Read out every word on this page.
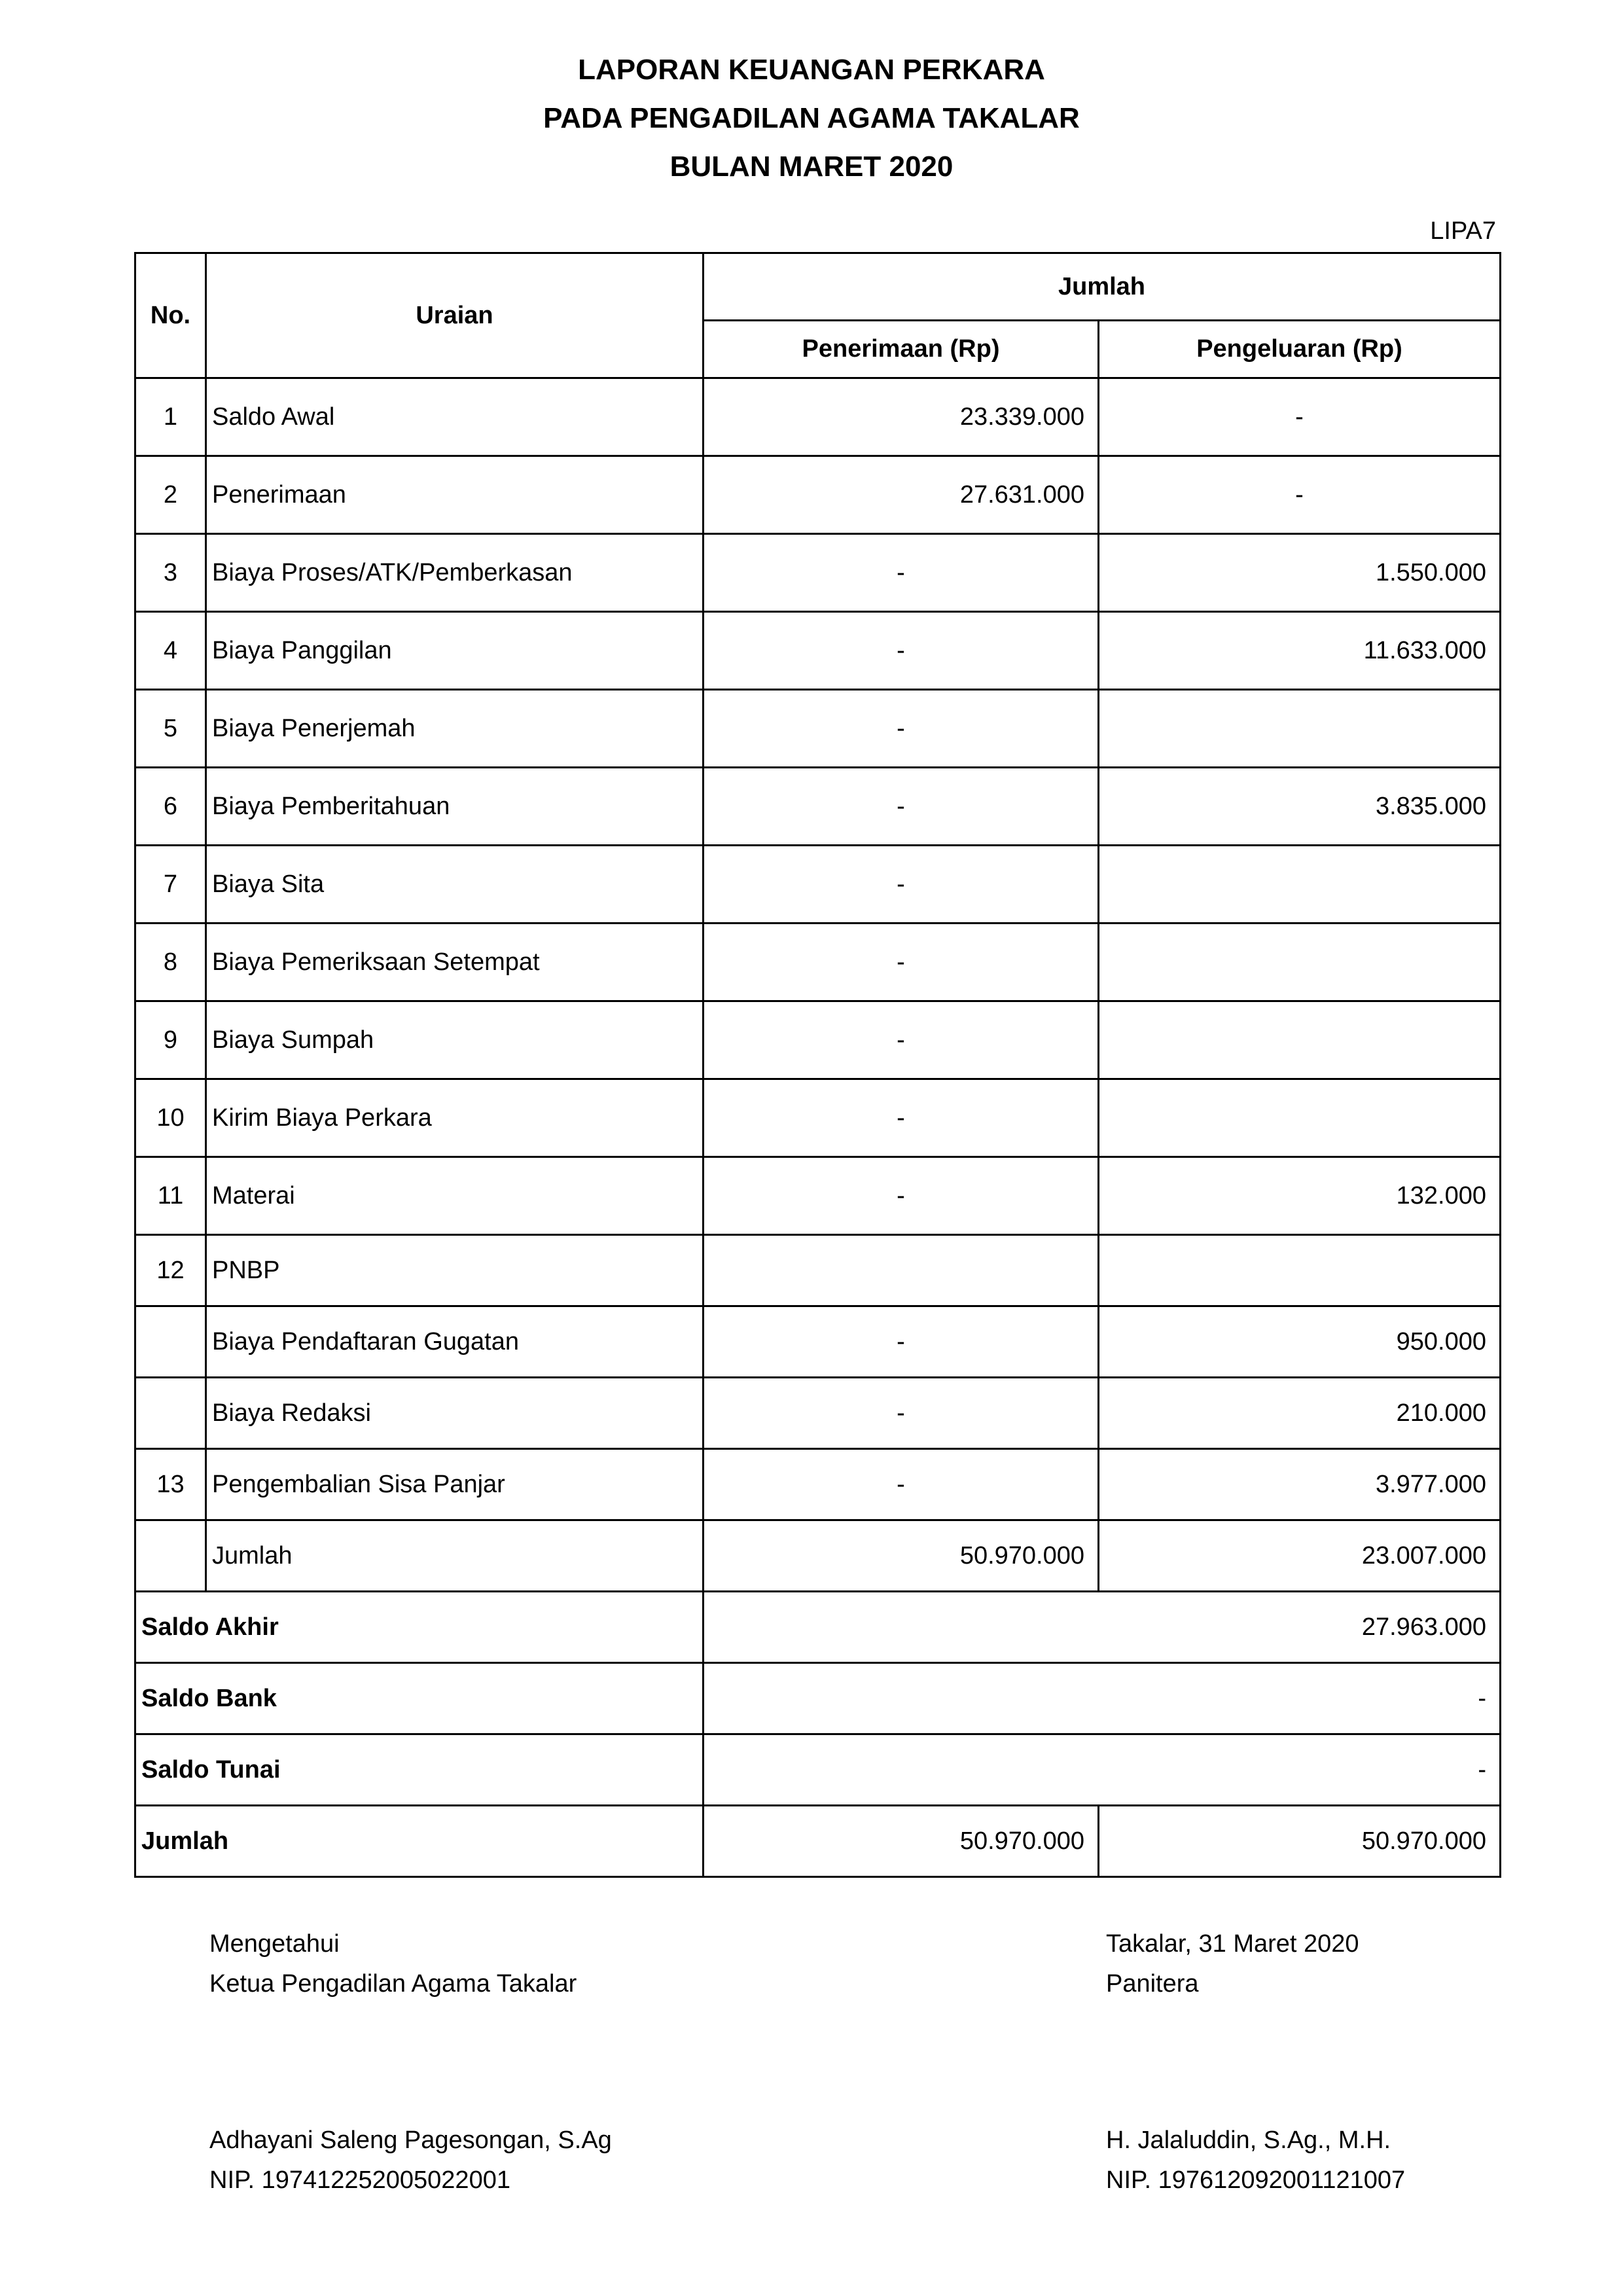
LAPORAN KEUANGAN PERKARA
PADA PENGADILAN AGAMA TAKALAR
BULAN MARET 2020
LIPA7
No.	Uraian	Jumlah	
		Penerimaan (Rp)	Pengeluaran (Rp)
1	Saldo Awal	23.339.000	-
2	Penerimaan	27.631.000	-
3	Biaya Proses/ATK/Pemberkasan	-	1.550.000
4	Biaya Panggilan	-	11.633.000
5	Biaya Penerjemah	-	
6	Biaya Pemberitahuan	-	3.835.000
7	Biaya Sita	-	
8	Biaya Pemeriksaan Setempat	-	
9	Biaya Sumpah	-	
10	Kirim Biaya Perkara	-	
11	Materai	-	132.000
12	PNBP		
	Biaya Pendaftaran Gugatan	-	950.000
	Biaya Redaksi	-	210.000
13	Pengembalian Sisa Panjar	-	3.977.000
	Jumlah	50.970.000	23.007.000
Saldo Akhir		27.963.000	
Saldo Bank		-	
Saldo Tunai		-	
Jumlah		50.970.000	50.970.000
Mengetahui
Ketua Pengadilan Agama Takalar
Takalar, 31 Maret 2020
Panitera
Adhayani Saleng Pagesongan, S.Ag
NIP. 197412252005022001
H. Jalaluddin, S.Ag., M.H.
NIP. 197612092001121007
